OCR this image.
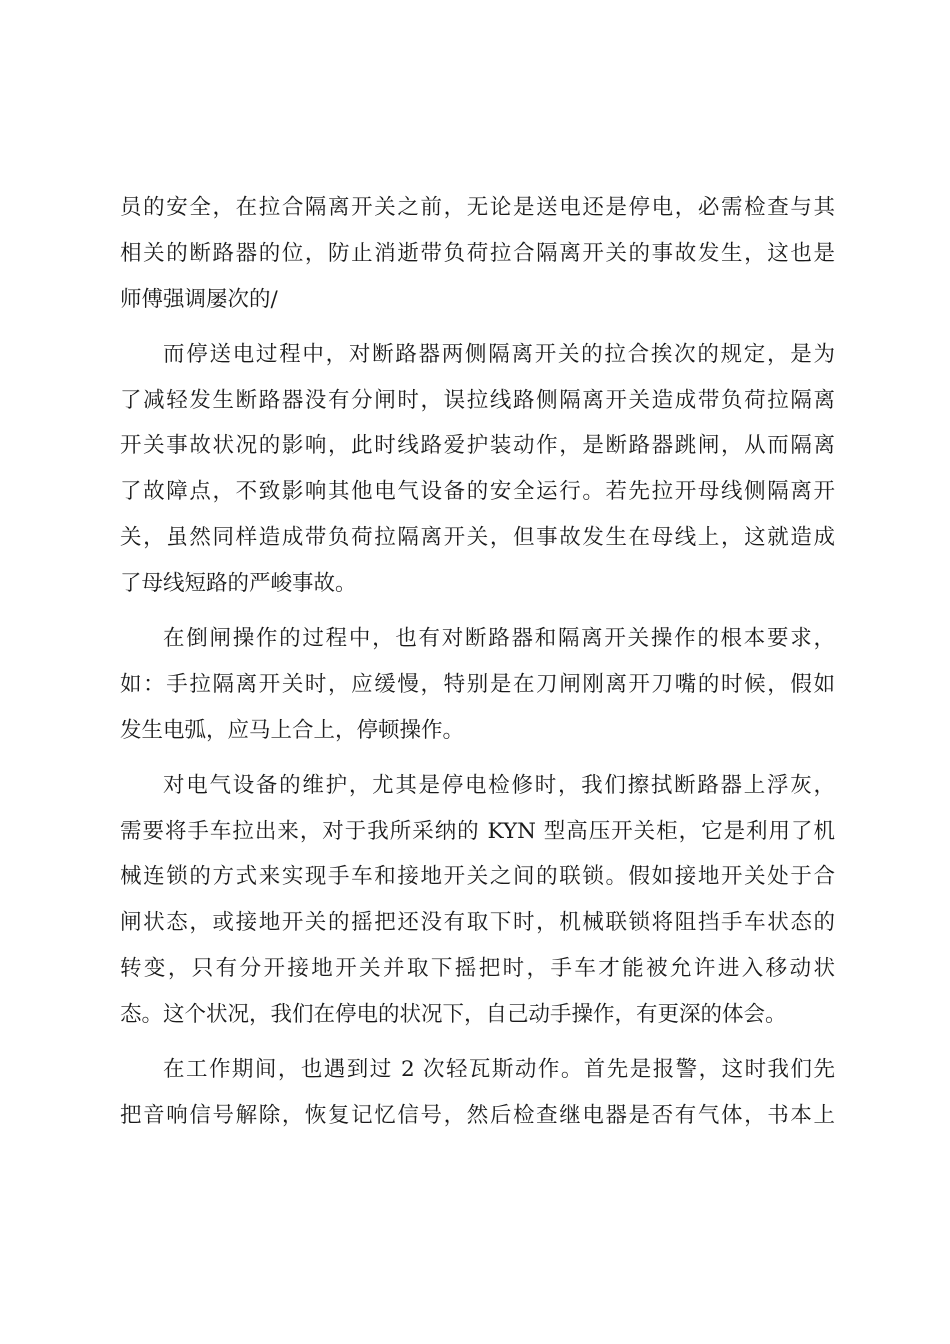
员的安全，在拉合隔离开关之前，无论是送电还是停电，必需检查与其
相关的断路器的位，防止消逝带负荷拉合隔离开关的事故发生，这也是
师傅强调屡次的/
而停送电过程中，对断路器两侧隔离开关的拉合挨次的规定，是为
了减轻发生断路器没有分闸时，误拉线路侧隔离开关造成带负荷拉隔离
开关事故状况的影响，此时线路爱护装动作，是断路器跳闸，从而隔离
了故障点，不致影响其他电气设备的安全运行。若先拉开母线侧隔离开
关，虽然同样造成带负荷拉隔离开关，但事故发生在母线上，这就造成
了母线短路的严峻事故。
在倒闸操作的过程中，也有对断路器和隔离开关操作的根本要求，
如：手拉隔离开关时，应缓慢，特别是在刀闸刚离开刀嘴的时候，假如
发生电弧，应马上合上，停顿操作。
对电气设备的维护，尤其是停电检修时，我们擦拭断路器上浮灰，
需要将手车拉出来，对于我所采纳的 KYN 型高压开关柜，它是利用了机
械连锁的方式来实现手车和接地开关之间的联锁。假如接地开关处于合
闸状态，或接地开关的摇把还没有取下时，机械联锁将阻挡手车状态的
转变，只有分开接地开关并取下摇把时，手车才能被允许进入移动状
态。这个状况，我们在停电的状况下，自己动手操作，有更深的体会。
在工作期间，也遇到过 2 次轻瓦斯动作。首先是报警，这时我们先
把音响信号解除，恢复记忆信号，然后检查继电器是否有气体，书本上
